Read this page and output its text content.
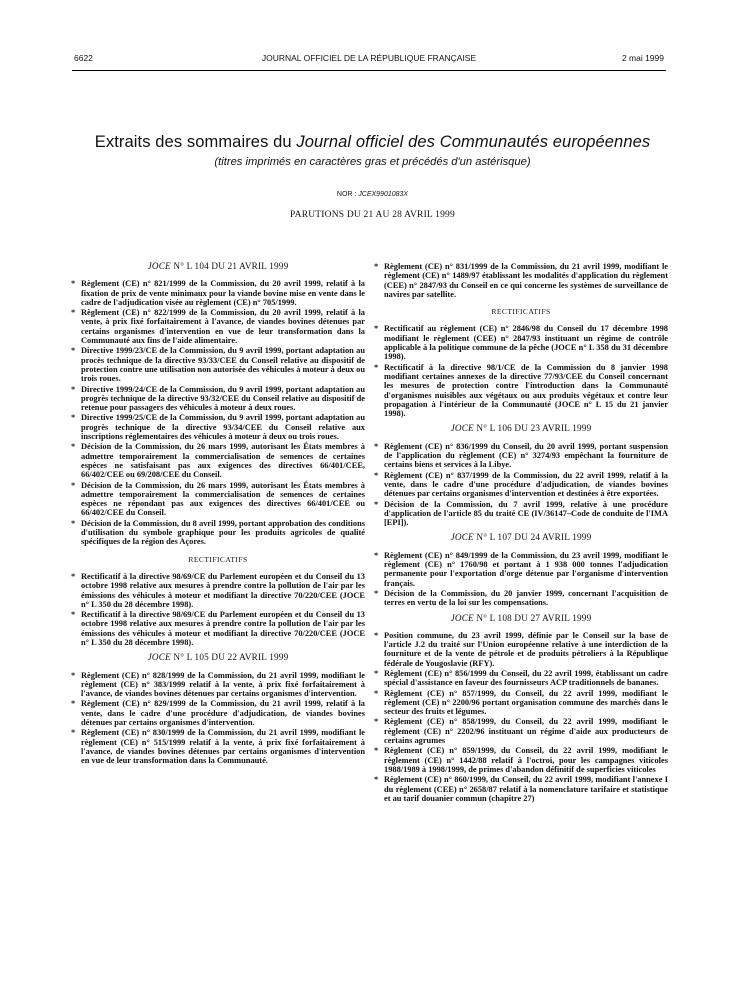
6622	JOURNAL OFFICIEL DE LA RÉPUBLIQUE FRANÇAISE	2 mai 1999
Extraits des sommaires du Journal officiel des Communautés européennes
(titres imprimés en caractères gras et précédés d'un astérisque)
NOR : JCEX9901083X
PARUTIONS DU 21 AU 28 AVRIL 1999
JOCE N° L 104 DU 21 AVRIL 1999
* Règlement (CE) n° 821/1999 de la Commission, du 20 avril 1999, relatif à la fixation de prix de vente minimaux pour la viande bovine mise en vente dans le cadre de l'adjudication visée au règlement (CE) n° 705/1999.
* Règlement (CE) n° 822/1999 de la Commission, du 20 avril 1999, relatif à la vente, à prix fixé forfaitairement à l'avance, de viandes bovines détenues par certains organismes d'intervention en vue de leur transformation dans la Communauté aux fins de l'aide alimentaire.
* Directive 1999/23/CE de la Commission, du 9 avril 1999, portant adaptation au procès technique de la directive 93/33/CEE du Conseil relative au dispositif de protection contre une utilisation non autorisée des véhicules à moteur à deux ou trois roues.
* Directive 1999/24/CE de la Commission, du 9 avril 1999, portant adaptation au progrès technique de la directive 93/32/CEE du Conseil relative au dispositif de retenue pour passagers des véhicules à moteur à deux roues.
* Directive 1999/25/CE de la Commission, du 9 avril 1999, portant adaptation au progrès technique de la directive 93/34/CEE du Conseil relative aux inscriptions réglementaires des véhicules à moteur à deux ou trois roues.
* Décision de la Commission, du 26 mars 1999, autorisant les États membres à admettre temporairement la commercialisation de semences de certaines espèces ne satisfaisant pas aux exigences des directives 66/401/CEE, 66/402/CEE ou 69/208/CEE du Conseil.
* Décision de la Commission, du 26 mars 1999, autorisant les États membres à admettre temporairement la commercialisation de semences de certaines espèces ne répondant pas aux exigences des directives 66/401/CEE ou 66/402/CEE du Conseil.
* Décision de la Commission, du 8 avril 1999, portant approbation des conditions d'utilisation du symbole graphique pour les produits agricoles de qualité spécifiques de la région des Açores.
RECTIFICATIFS
* Rectificatif à la directive 98/69/CE du Parlement européen et du Conseil du 13 octobre 1998 relative aux mesures à prendre contre la pollution de l'air par les émissions des véhicules à moteur et modifiant la directive 70/220/CEE (JOCE n° L 350 du 28 décembre 1998).
* Rectificatif à la directive 98/69/CE du Parlement européen et du Conseil du 13 octobre 1998 relative aux mesures à prendre contre la pollution de l'air par les émissions des véhicules à moteur et modifiant la directive 70/220/CEE (JOCE n° L 350 du 28 décembre 1998).
JOCE N° L 105 DU 22 AVRIL 1999
* Règlement (CE) n° 828/1999 de la Commission, du 21 avril 1999, modifiant le règlement (CE) n° 383/1999 relatif à la vente, à prix fixé forfaitairement à l'avance, de viandes bovines détenues par certains organismes d'intervention.
* Règlement (CE) n° 829/1999 de la Commission, du 21 avril 1999, relatif à la vente, dans le cadre d'une procédure d'adjudication, de viandes bovines détenues par certains organismes d'intervention.
* Règlement (CE) n° 830/1999 de la Commission, du 21 avril 1999, modifiant le règlement (CE) n° 515/1999 relatif à la vente, à prix fixé forfaitairement à l'avance, de viandes bovines détenues par certains organismes d'intervention en vue de leur transformation dans la Communauté.
* Règlement (CE) n° 831/1999 de la Commission, du 21 avril 1999, modifiant le règlement (CE) n° 1489/97 établissant les modalités d'application du règlement (CEE) n° 2847/93 du Conseil en ce qui concerne les systèmes de surveillance de navires par satellite.
RECTIFICATIFS
* Rectificatif au règlement (CE) n° 2846/98 du Conseil du 17 décembre 1998 modifiant le règlement (CEE) n° 2847/93 instituant un régime de contrôle applicable à la politique commune de la pêche (JOCE n° L 358 du 31 décembre 1998).
* Rectificatif à la directive 98/1/CE de la Commission du 8 janvier 1998 modifiant certaines annexes de la directive 77/93/CEE du Conseil concernant les mesures de protection contre l'introduction dans la Communauté d'organismes nuisibles aux végétaux ou aux produits végétaux et contre leur propagation à l'intérieur de la Communauté (JOCE n° L 15 du 21 janvier 1998).
JOCE N° L 106 DU 23 AVRIL 1999
* Règlement (CE) n° 836/1999 du Conseil, du 20 avril 1999, portant suspension de l'application du règlement (CE) n° 3274/93 empêchant la fourniture de certains biens et services à la Libye.
* Règlement (CE) n° 837/1999 de la Commission, du 22 avril 1999, relatif à la vente, dans le cadre d'une procédure d'adjudication, de viandes bovines détenues par certains organismes d'intervention et destinées à être exportées.
* Décision de la Commission, du 7 avril 1999, relative à une procédure d'application de l'article 85 du traité CE (IV/36147–Code de conduite de l'IMA [EPI]).
JOCE N° L 107 DU 24 AVRIL 1999
* Règlement (CE) n° 849/1999 de la Commission, du 23 avril 1999, modifiant le règlement (CE) n° 1760/98 et portant à 1 938 000 tonnes l'adjudication permanente pour l'exportation d'orge détenue par l'organisme d'intervention français.
* Décision de la Commission, du 20 janvier 1999, concernant l'acquisition de terres en vertu de la loi sur les compensations.
JOCE N° L 108 DU 27 AVRIL 1999
* Position commune, du 23 avril 1999, définie par le Conseil sur la base de l'article J.2 du traité sur l'Union européenne relative à une interdiction de la fourniture et de la vente de pétrole et de produits pétroliers à la République fédérale de Yougoslavie (RFY).
* Règlement (CE) n° 856/1999 du Conseil, du 22 avril 1999, établissant un cadre spécial d'assistance en faveur des fournisseurs ACP traditionnels de bananes.
* Règlement (CE) n° 857/1999, du Conseil, du 22 avril 1999, modifiant le règlement (CE) n° 2200/96 portant organisation commune des marchés dans le secteur des fruits et légumes.
* Règlement (CE) n° 858/1999, du Conseil, du 22 avril 1999, modifiant le règlement (CE) n° 2202/96 instituant un régime d'aide aux producteurs de certains agrumes
* Règlement (CE) n° 859/1999, du Conseil, du 22 avril 1999, modifiant le règlement (CE) n° 1442/88 relatif à l'octroi, pour les campagnes viticoles 1988/1989 à 1998/1999, de primes d'abandon définitif de superficies viticoles
* Règlement (CE) n° 860/1999, du Conseil, du 22 avril 1999, modifiant l'annexe I du règlement (CEE) n° 2658/87 relatif à la nomenclature tarifaire et statistique et au tarif douanier commun (chapitre 27)
